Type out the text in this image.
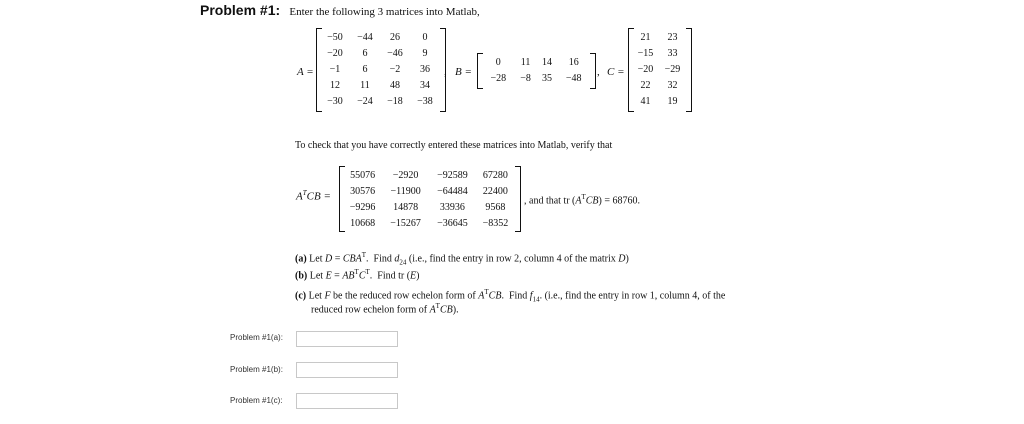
Problem #1: Enter the following 3 matrices into Matlab,
A =
−50	−44	26	0
−20	6	−46	9
−1	6	−2	36
12	11	48	34
−30	−24	−18	−38
, B =
0	11	14	16
−28	−8	35	−48
, C =
21	23
−15	33
−20	−29
22	32
41	19
To check that you have correctly entered these matrices into Matlab, verify that
$A^TCB$ =
55076	−2920	−92589	67280
30576	−11900	−64484	22400
−9296	14878	33936	9568
10668	−15267	−36645	−8352
, and that tr $(A^TCB) = 68760$.
(a) Let $D = CBA^T$.  Find $d_{24}$ (i.e., find the entry in row 2, column 4 of the matrix D)
(b) Let $E = AB^TC^T$.  Find tr (E)
(c) Let F be the reduced row echelon form of $A^TCB$.  Find $f_{14}$. (i.e., find the entry in row 1, column 4, of the
reduced row echelon form of $A^TCB$).
Problem #1(a):
Problem #1(b):
Problem #1(c):
